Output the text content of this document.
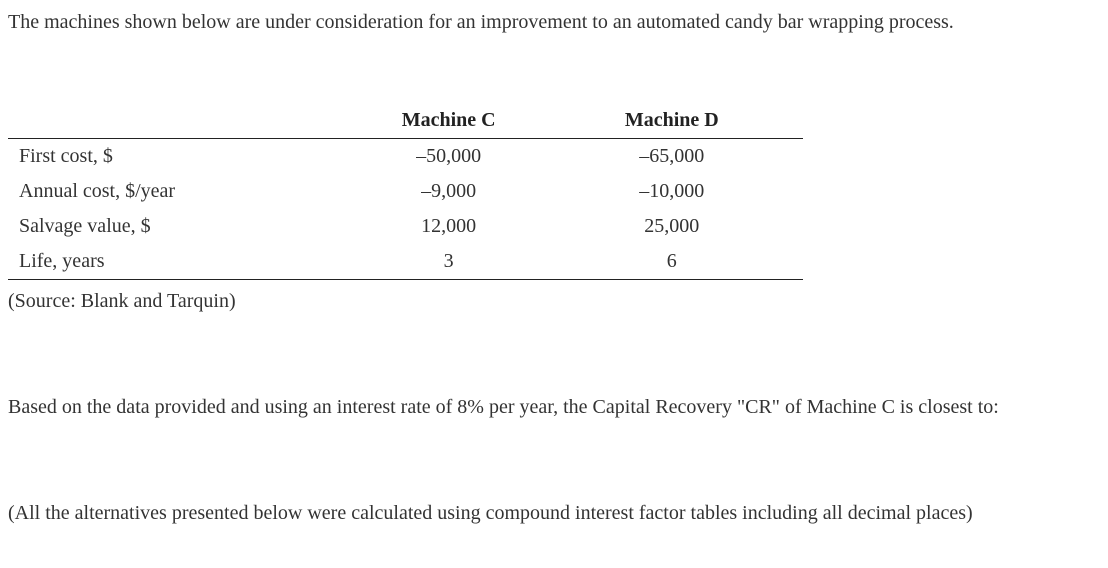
The machines shown below are under consideration for an improvement to an automated candy bar wrapping process.

	Machine C	Machine D
First cost, $	–50,000	–65,000
Annual cost, $/year	–9,000	–10,000
Salvage value, $	12,000	25,000
Life, years	3	6

(Source: Blank and Tarquin)

Based on the data provided and using an interest rate of 8% per year, the Capital Recovery "CR" of Machine C is closest to:

(All the alternatives presented below were calculated using compound interest factor tables including all decimal places)
